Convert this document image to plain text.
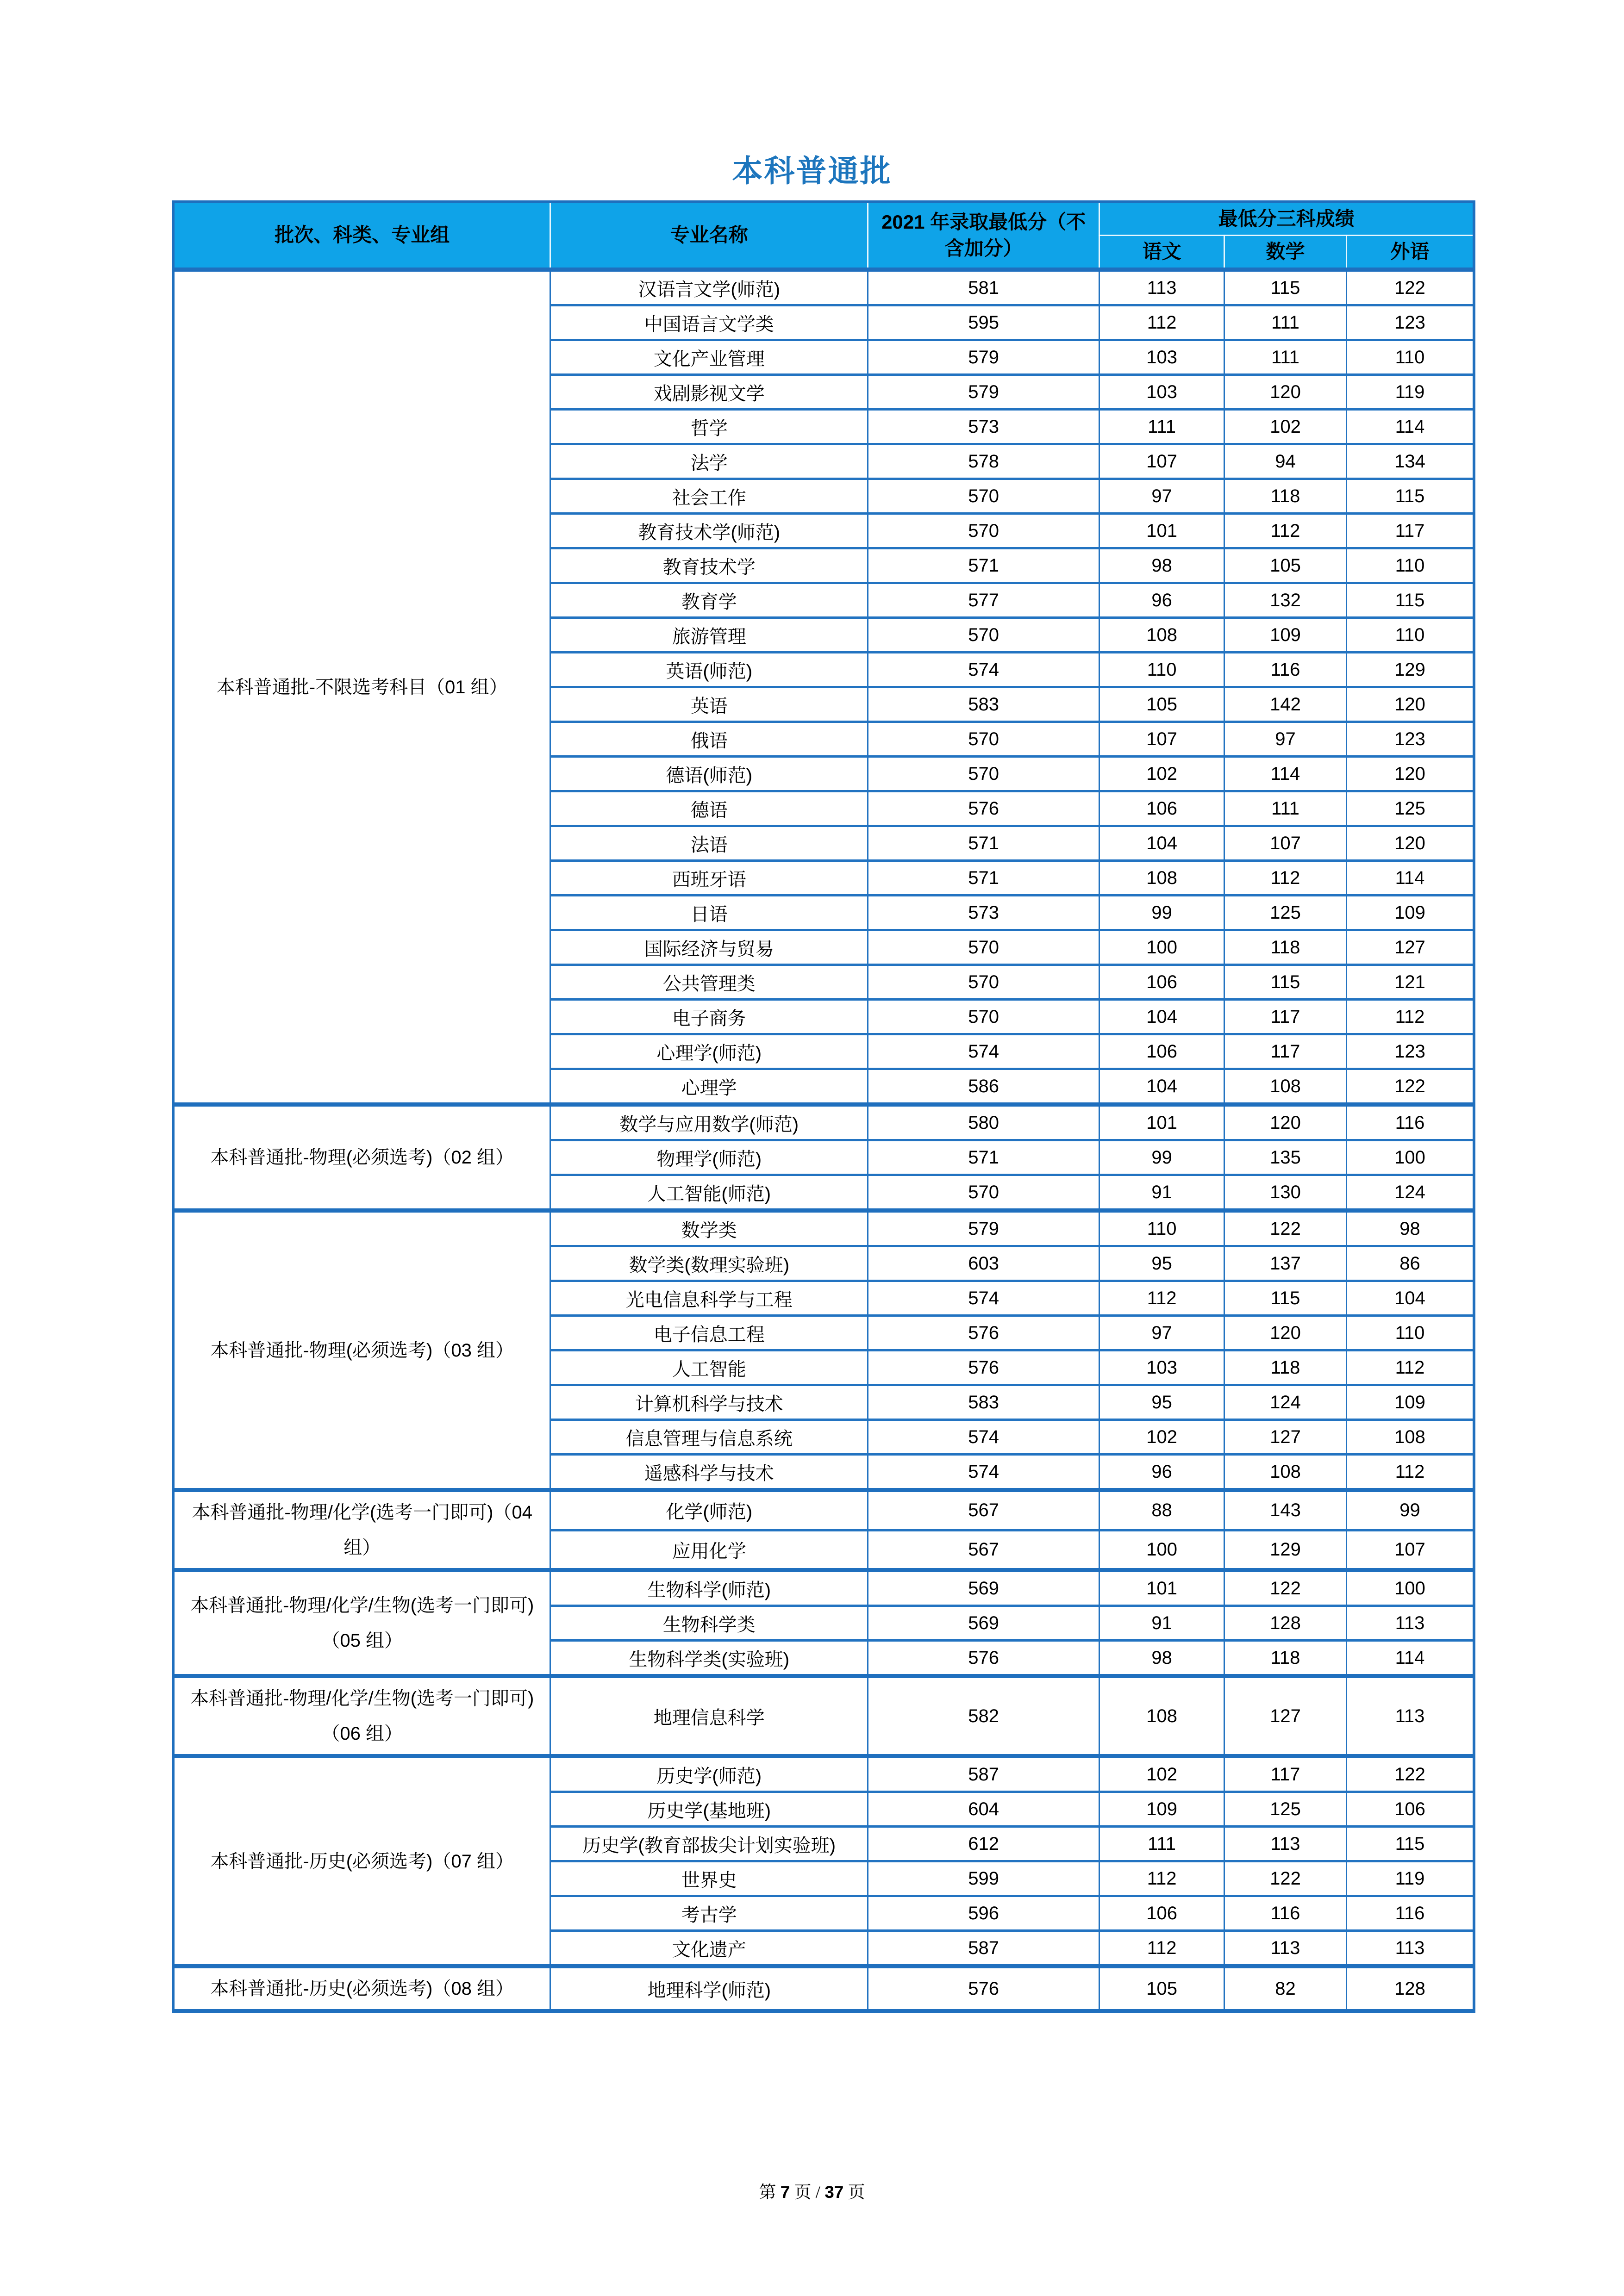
本科普通批
批次、科类、专业组	专业名称	2021 年录取最低分（不
含加分）	最低分三科成绩		
			语文	数学	外语
本科普通批-不限选考科目（01 组）	汉语言文学(师范)	581	113	115	122
	中国语言文学类	595	112	111	123
	文化产业管理	579	103	111	110
	戏剧影视文学	579	103	120	119
	哲学	573	111	102	114
	法学	578	107	94	134
	社会工作	570	97	118	115
	教育技术学(师范)	570	101	112	117
	教育技术学	571	98	105	110
	教育学	577	96	132	115
	旅游管理	570	108	109	110
	英语(师范)	574	110	116	129
	英语	583	105	142	120
	俄语	570	107	97	123
	德语(师范)	570	102	114	120
	德语	576	106	111	125
	法语	571	104	107	120
	西班牙语	571	108	112	114
	日语	573	99	125	109
	国际经济与贸易	570	100	118	127
	公共管理类	570	106	115	121
	电子商务	570	104	117	112
	心理学(师范)	574	106	117	123
	心理学	586	104	108	122
本科普通批-物理(必须选考)（02 组）	数学与应用数学(师范)	580	101	120	116
	物理学(师范)	571	99	135	100
	人工智能(师范)	570	91	130	124
本科普通批-物理(必须选考)（03 组）	数学类	579	110	122	98
	数学类(数理实验班)	603	95	137	86
	光电信息科学与工程	574	112	115	104
	电子信息工程	576	97	120	110
	人工智能	576	103	118	112
	计算机科学与技术	583	95	124	109
	信息管理与信息系统	574	102	127	108
	遥感科学与技术	574	96	108	112
本科普通批-物理/化学(选考一门即可)（04 组）	化学(师范)	567	88	143	99
	应用化学	567	100	129	107
本科普通批-物理/化学/生物(选考一门即可)（05 组）	生物科学(师范)	569	101	122	100
	生物科学类	569	91	128	113
	生物科学类(实验班)	576	98	118	114
本科普通批-物理/化学/生物(选考一门即可)（06 组）	地理信息科学	582	108	127	113
本科普通批-历史(必须选考)（07 组）	历史学(师范)	587	102	117	122
	历史学(基地班)	604	109	125	106
	历史学(教育部拔尖计划实验班)	612	111	113	115
	世界史	599	112	122	119
	考古学	596	106	116	116
	文化遗产	587	112	113	113
本科普通批-历史(必须选考)（08 组）	地理科学(师范)	576	105	82	128
第 7 页 / 37 页
